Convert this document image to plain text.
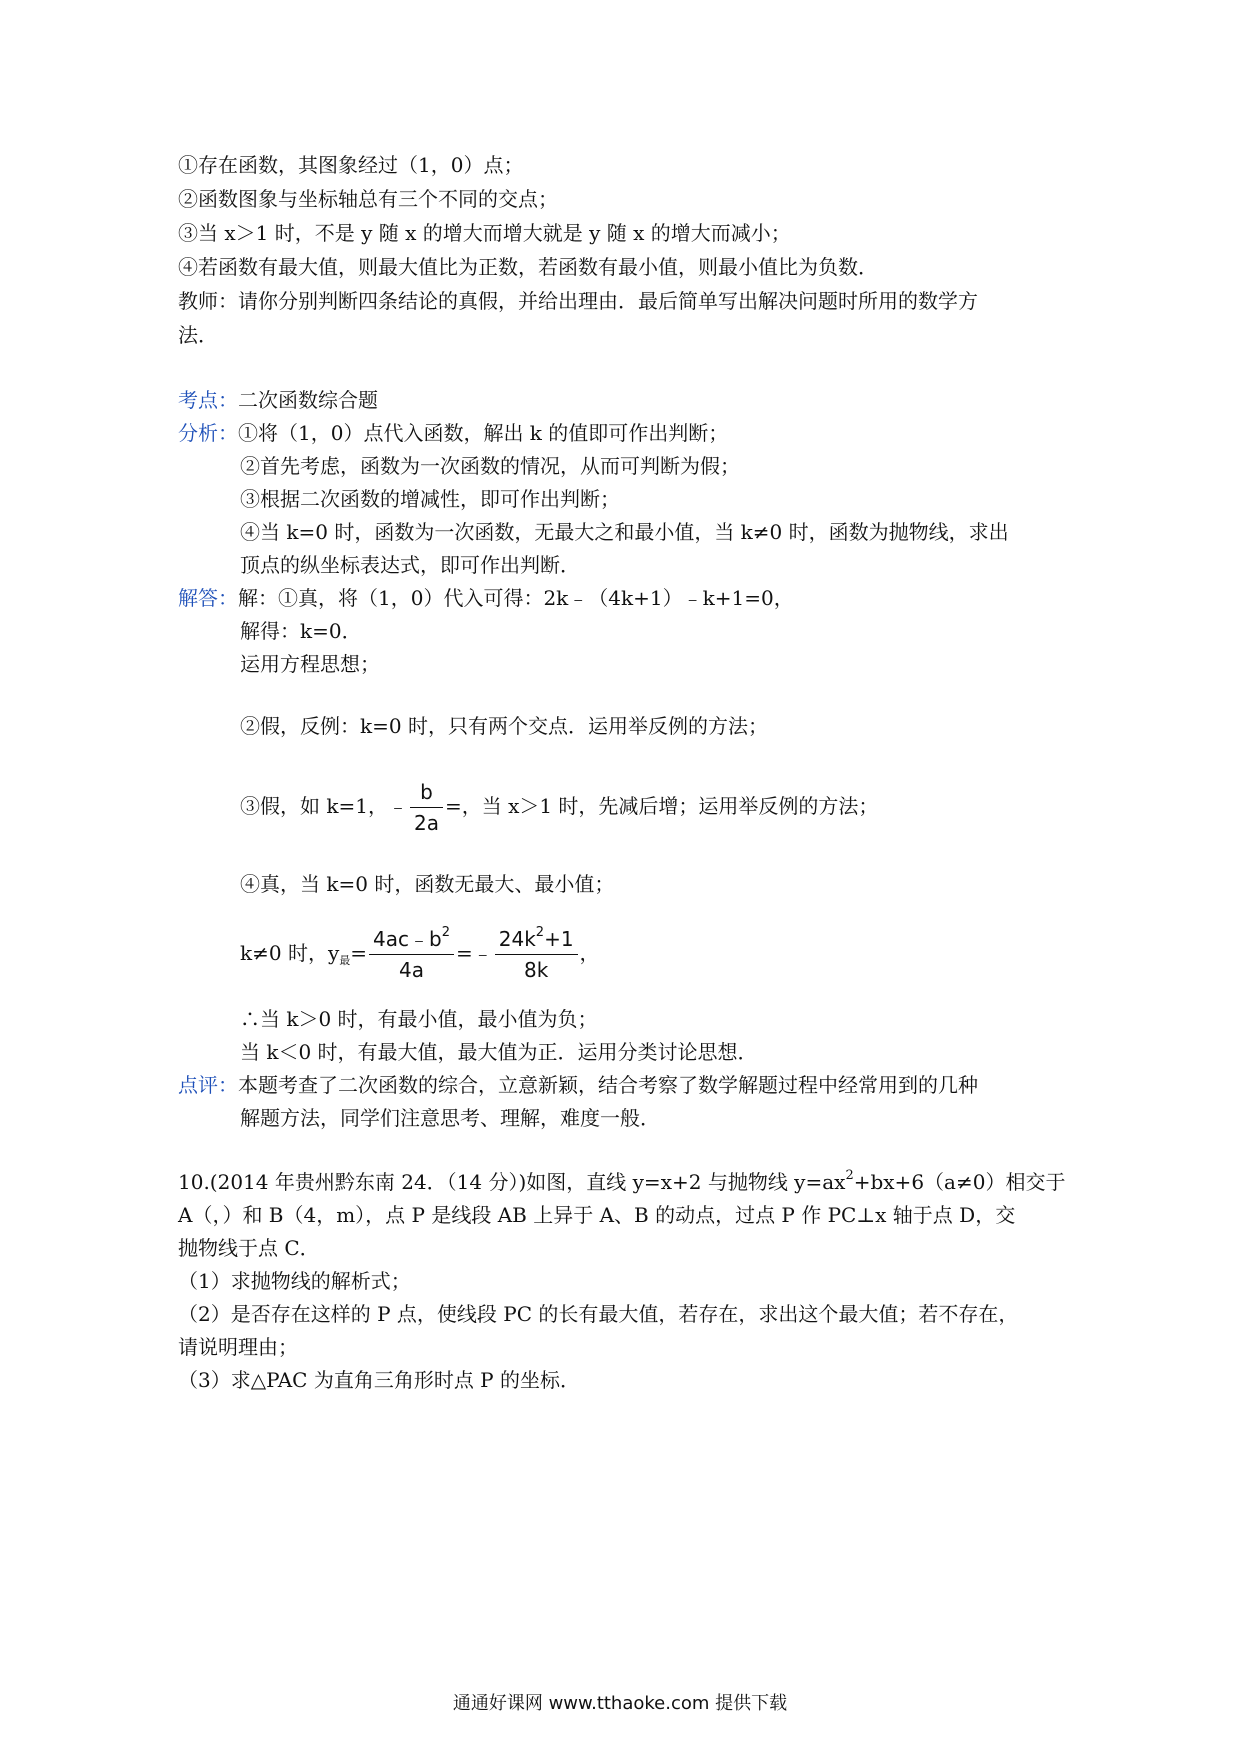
①存在函数，其图象经过（1，0）点；
②函数图象与坐标轴总有三个不同的交点；
③当 x＞1 时，不是 y 随 x 的增大而增大就是 y 随 x 的增大而减小；
④若函数有最大值，则最大值比为正数，若函数有最小值，则最小值比为负数．
教师：请你分别判断四条结论的真假，并给出理由．最后简单写出解决问题时所用的数学方
法．
考点：二次函数综合题
分析：①将（1，0）点代入函数，解出 k 的值即可作出判断；
②首先考虑，函数为一次函数的情况，从而可判断为假；
③根据二次函数的增减性，即可作出判断；
④当 k=0 时，函数为一次函数，无最大之和最小值，当 k≠0 时，函数为抛物线，求出
顶点的纵坐标表达式，即可作出判断．
解答：解：①真，将（1，0）代入可得：2k﹣（4k+1）﹣k+1=0，
解得：k=0．
运用方程思想；
②假，反例：k=0 时，只有两个交点．运用举反例的方法；
③假，如 k=1，﹣ $\frac{b}{2a}$ =，当 x＞1 时，先减后增；运用举反例的方法；
④真，当 k=0 时，函数无最大、最小值；
k≠0 时，$y_最= \frac{4ac﹣b^2}{4a}$ =﹣ $\frac{24k^2+1}{8k}$ ，
∴当 k＞0 时，有最小值，最小值为负；
当 k＜0 时，有最大值，最大值为正．运用分类讨论思想．
点评：本题考查了二次函数的综合，立意新颖，结合考察了数学解题过程中经常用到的几种
解题方法，同学们注意思考、理解，难度一般．
10.(2014 年贵州黔东南 24．（14 分）)如图，直线 y=x+2 与抛物线 $y=ax^2+bx+6(a\ne 0)$相交于
A（，）和 B（4，m），点 P 是线段 AB 上异于 A、B 的动点，过点 P 作 PC⊥x 轴于点 D，交
抛物线于点 C．
（1）求抛物线的解析式；
（2）是否存在这样的 P 点，使线段 PC 的长有最大值，若存在，求出这个最大值；若不存在，
请说明理由；
（3）求△PAC 为直角三角形时点 P 的坐标．
通通好课网 www.tthaoke.com 提供下载
